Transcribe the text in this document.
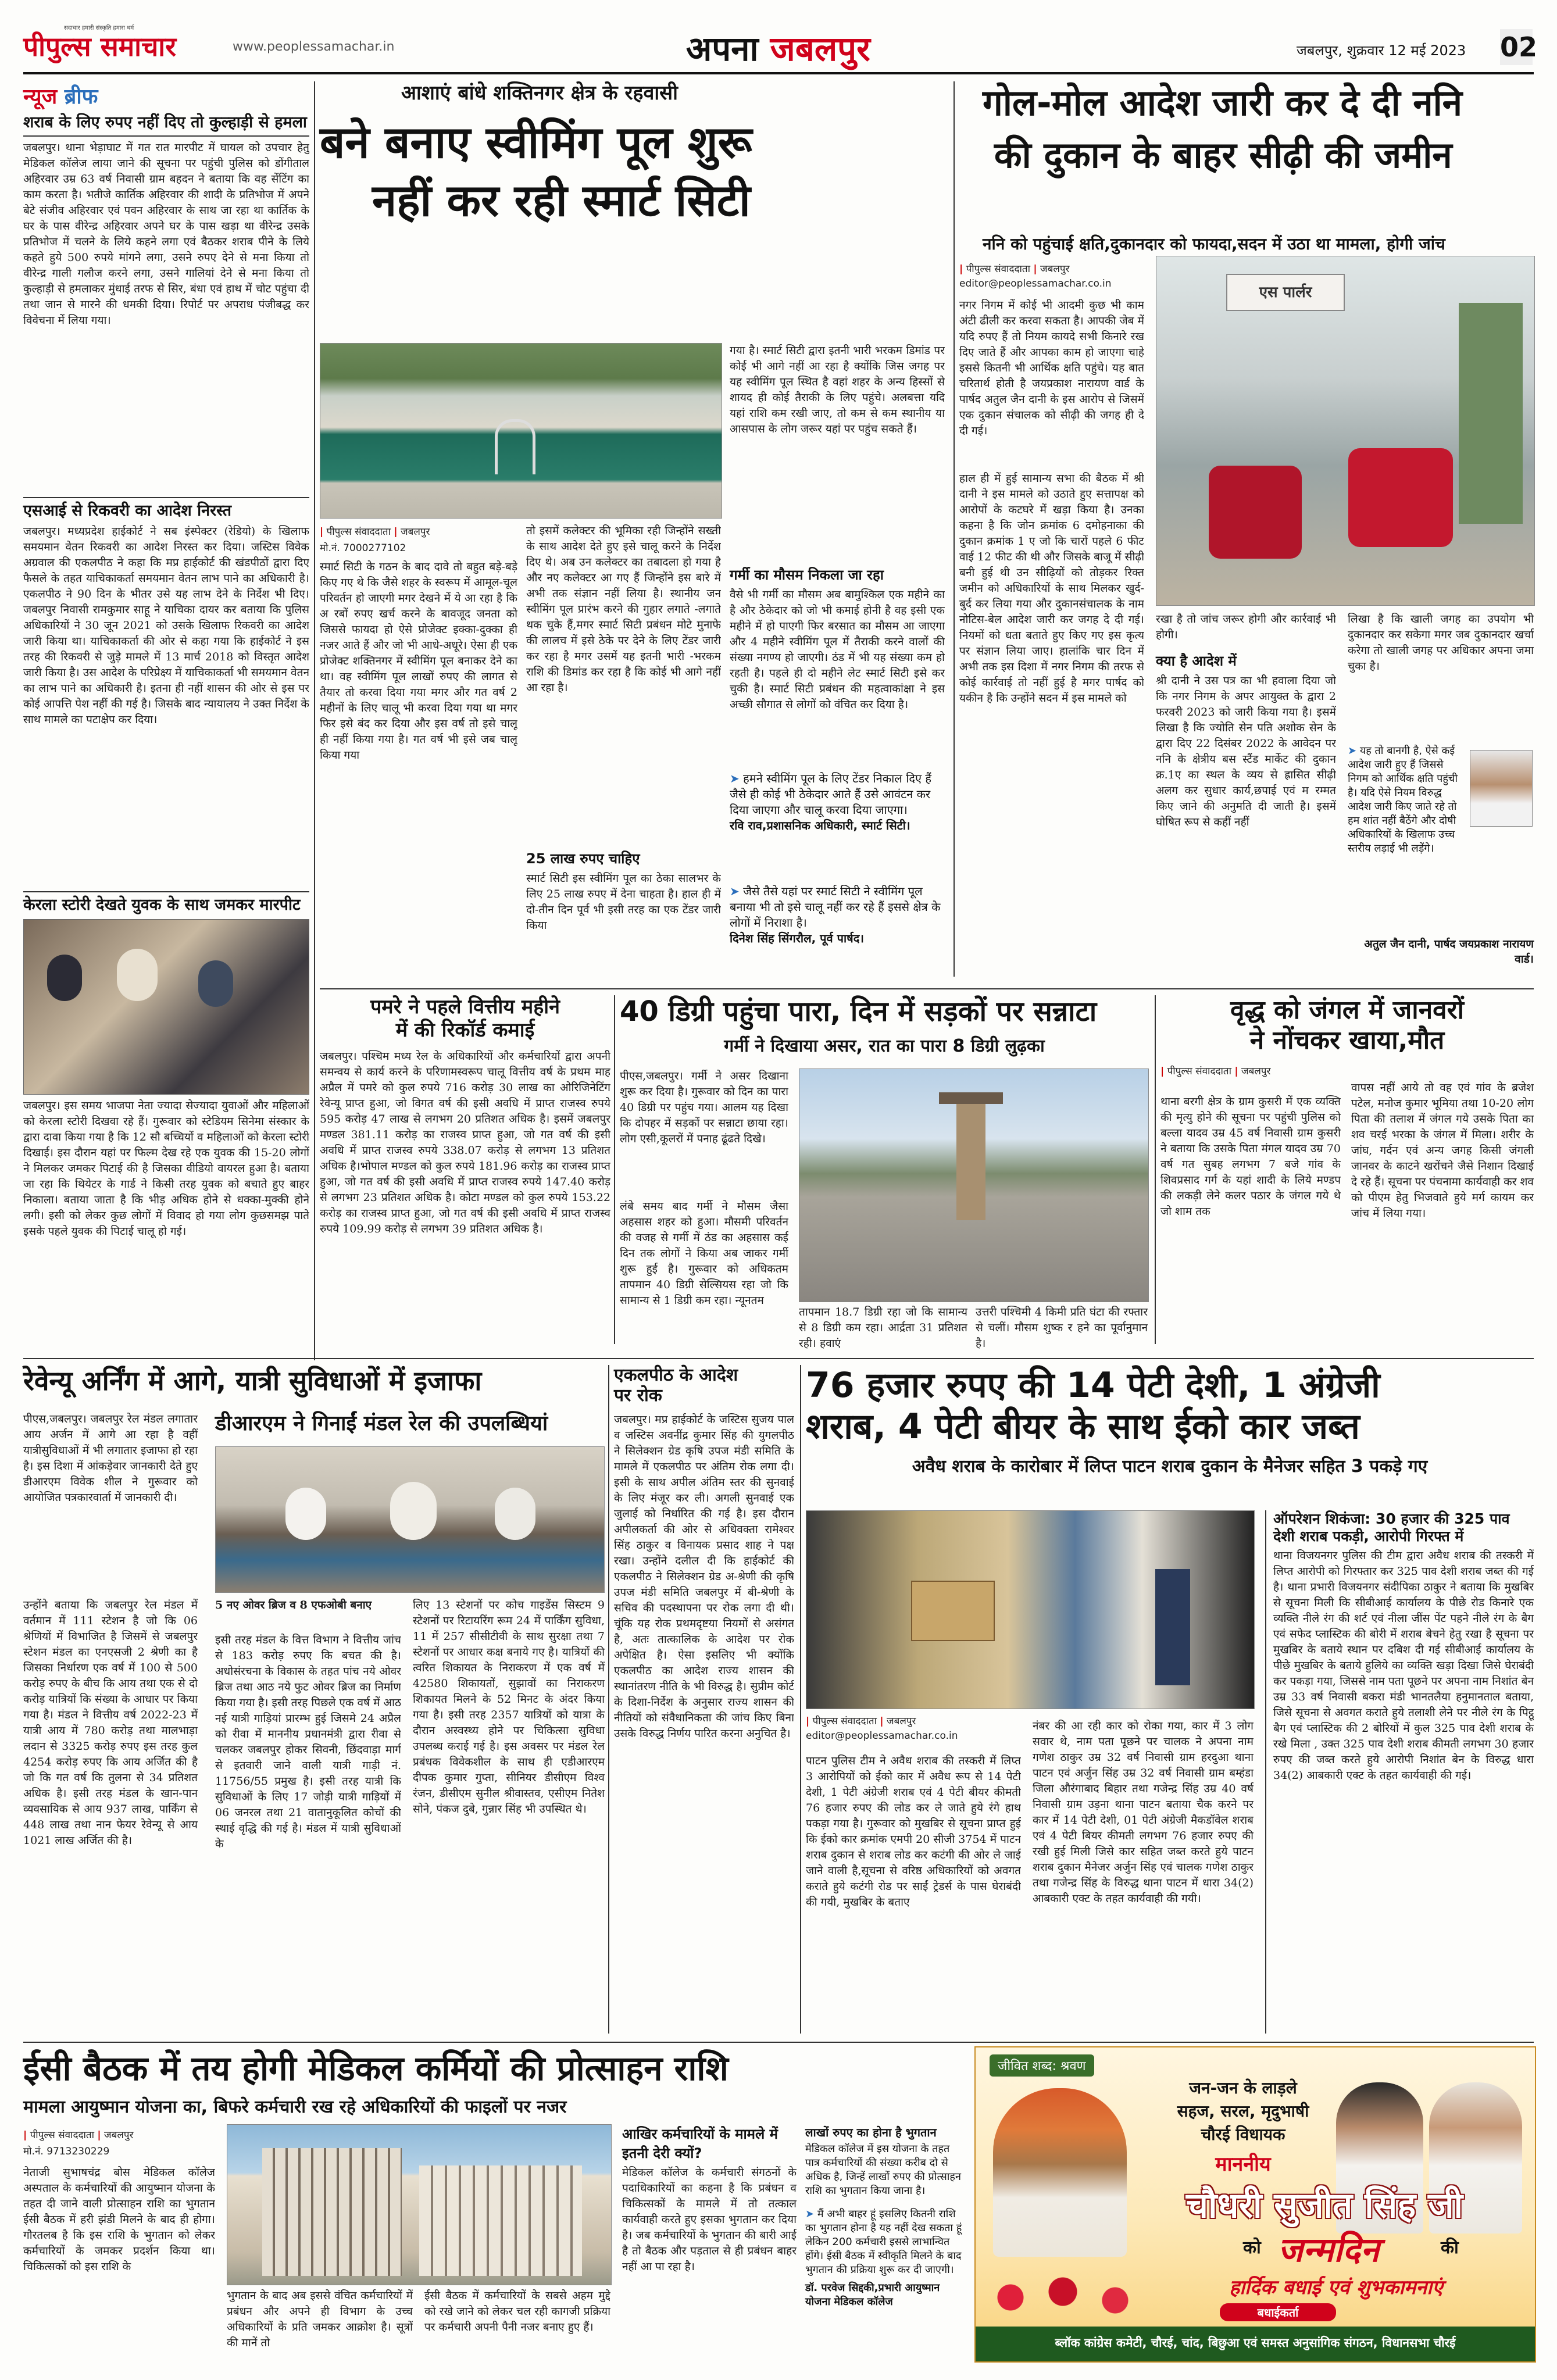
पीपुल्स समाचार
सदाचार हमारी संस्कृति हमारा धर्म
www.peoplessamachar.in	अपना जबलपुर	जबलपुर, शुक्रवार 12 मई 2023 02
न्यूज ब्रीफ
शराब के लिए रुपए नहीं दिए तो कुल्हाड़ी से हमला
जबलपुर। थाना भेड़ाघाट में गत रात मारपीट में घायल को उपचार हेतु मेडिकल कॉलेज लाया जाने की सूचना पर पहुंची पुलिस को डोंगीताल अहिरवार उम्र 63 वर्ष निवासी ग्राम बहदन ने बताया कि वह सेंटिंग का काम करता है। भतीजे कार्तिक अहिरवार की शादी के प्रतिभोज में अपने बेटे संजीव अहिरवार एवं पवन अहिरवार के साथ जा रहा था कार्तिक के घर के पास वीरेन्द्र अहिरवार अपने घर के पास खड़ा था वीरेन्द्र उसके प्रतिभोज में चलने के लिये कहने लगा एवं बैठकर शराब पीने के लिये कहते हुये 500 रुपये मांगने लगा, उसने रुपए देने से मना किया तो वीरेन्द्र गाली गलौज करने लगा, उसने गालियां देने से मना किया तो कुल्हाड़ी से हमलाकर मुंधाई तरफ से सिर, बंधा एवं हाथ में चोट पहुंचा दी तथा जान से मारने की धमकी दिया। रिपोर्ट पर अपराध पंजीबद्ध कर विवेचना में लिया गया।
एसआई से रिकवरी का आदेश निरस्त
जबलपुर। मध्यप्रदेश हाईकोर्ट ने सब इंस्पेक्टर (रेडियो) के खिलाफ समयमान वेतन रिकवरी का आदेश निरस्त कर दिया। जस्टिस विवेक अग्रवाल की एकलपीठ ने कहा कि मप्र हाईकोर्ट की खंडपीठों द्वारा दिए फैसले के तहत याचिकाकर्ता समयमान वेतन लाभ पाने का अधिकारी है। एकलपीठ ने 90 दिन के भीतर उसे यह लाभ देने के निर्देश भी दिए। जबलपुर निवासी रामकुमार साहू ने याचिका दायर कर बताया कि पुलिस अधिकारियों ने 30 जून 2021 को उसके खिलाफ रिकवरी का आदेश जारी किया था। याचिकाकर्ता की ओर से कहा गया कि हाईकोर्ट ने इस तरह की रिकवरी से जुड़े मामले में 13 मार्च 2018 को विस्तृत आदेश जारी किया है। उस आदेश के परिप्रेक्ष्य में याचिकाकर्ता भी समयमान वेतन का लाभ पाने का अधिकारी है। इतना ही नहीं शासन की ओर से इस पर कोई आपत्ति पेश नहीं की गई है। जिसके बाद न्यायालय ने उक्त निर्देश के साथ मामले का पटाक्षेप कर दिया।
केरला स्टोरी देखते युवक के साथ जमकर मारपीट
जबलपुर। इस समय भाजपा नेता ज्यादा सेज्यादा युवाओं और महिलाओं को केरला स्टोरी दिखवा रहे हैं। गुरूवार को स्टेडियम सिनेमा संस्कार के द्वारा दावा किया गया है कि 12 सौ बच्चियों व महिलाओं को केरला स्टोरी दिखाई। इस दौरान यहां पर फिल्म देख रहे एक युवक की 15-20 लोगों ने मिलकर जमकर पिटाई की है जिसका वीडियो वायरल हुआ है। बताया जा रहा कि थियेटर के गार्ड ने किसी तरह युवक को बचाते हुए बाहर निकाला। बताया जाता है कि भीड़ अधिक होने से धक्का-मुक्की होने लगी। इसी को लेकर कुछ लोगों में विवाद हो गया लोग कुछसमझ पाते इसके पहले युवक की पिटाई चालू हो गई।
आशाएं बांधे शक्तिनगर क्षेत्र के रहवासी
बने बनाए स्वीमिंग पूल शुरू
नहीं कर रही स्मार्ट सिटी
| पीपुल्स संवाददाता | जबलपुर
मो.नं. 7000277102
स्मार्ट सिटी के गठन के बाद दावे तो बहुत बड़े-बड़े किए गए थे कि जैसे शहर के स्वरूप में आमूल-चूल परिवर्तन हो जाएगी मगर देखने में ये आ रहा है कि अ रबों रुपए खर्च करने के बावजूद जनता को जिससे फायदा हो ऐसे प्रोजेक्ट इक्का-दुक्का ही नजर आते हैं और जो भी आधे-अधूरे। ऐसा ही एक प्रोजेक्ट शक्तिनगर में स्वीमिंग पूल बनाकर देने का था। वह स्वीमिंग पूल लाखों रुपए की लागत से तैयार तो करवा दिया गया मगर और गत वर्ष 2 महीनों के लिए चालू भी करवा दिया गया था मगर फिर इसे बंद कर दिया और इस वर्ष तो इसे चालू ही नहीं किया गया है। गत वर्ष भी इसे जब चालू किया गया
तो इसमें कलेक्टर की भूमिका रही जिन्होंने सख्ती के साथ आदेश देते हुए इसे चालू करने के निर्देश दिए थे। अब उन कलेक्टर का तबादला हो गया है और नए कलेक्टर आ गए हैं जिन्होंने इस बारे में अभी तक संज्ञान नहीं लिया है। स्थानीय जन स्वीमिंग पूल प्रारंभ करने की गुहार लगाते -लगाते थक चुके हैं,मगर स्मार्ट सिटी प्रबंधन मोटे मुनाफे की लालच में इसे ठेके पर देने के लिए टेंडर जारी कर रहा है मगर उसमें यह इतनी भारी -भरकम राशि की डिमांड कर रहा है कि कोई भी आगे नहीं आ रहा है।
25 लाख रुपए चाहिए
स्मार्ट सिटी इस स्वीमिंग पूल का ठेका सालभर के लिए 25 लाख रुपए में देना चाहता है। हाल ही में दो-तीन दिन पूर्व भी इसी तरह का एक टेंडर जारी किया
गया है। स्मार्ट सिटी द्वारा इतनी भारी भरकम डिमांड पर कोई भी आगे नहीं आ रहा है क्योंकि जिस जगह पर यह स्वीमिंग पूल स्थित है वहां शहर के अन्य हिस्सों से शायद ही कोई तैराकी के लिए पहुंचे। अलबत्ता यदि यहां राशि कम रखी जाए, तो कम से कम स्थानीय या आसपास के लोग जरूर यहां पर पहुंच सकते हैं।
गर्मी का मौसम निकला जा रहा
वैसे भी गर्मी का मौसम अब बामुश्किल एक महीने का है और ठेकेदार को जो भी कमाई होनी है वह इसी एक महीने में हो पाएगी फिर बरसात का मौसम आ जाएगा और 4 महीने स्वीमिंग पूल में तैराकी करने वालों की संख्या नगण्य हो जाएगी। ठंड में भी यह संख्या कम हो रहती है। पहले ही दो महीने लेट स्मार्ट सिटी इसे कर चुकी है। स्मार्ट सिटी प्रबंधन की महत्वाकांक्षा ने इस अच्छी सौगात से लोगों को वंचित कर दिया है।
➤ हमने स्वीमिंग पूल के लिए टेंडर निकाल दिए हैं जैसे ही कोई भी ठेकेदार आते हैं उसे आवंटन कर दिया जाएगा और चालू करवा दिया जाएगा।
रवि राव,प्रशासनिक अधिकारी, स्मार्ट सिटी।
➤ जैसे तैसे यहां पर स्मार्ट सिटी ने स्वीमिंग पूल बनाया भी तो इसे चालू नहीं कर रहे हैं इससे क्षेत्र के लोगों में निराशा है।
दिनेश सिंह सिंगरौल, पूर्व पार्षद।
गोल-मोल आदेश जारी कर दे दी ननि
की दुकान के बाहर सीढ़ी की जमीन
ननि को पहुंचाई क्षति,दुकानदार को फायदा,सदन में उठा था मामला, होगी जांच
| पीपुल्स संवाददाता | जबलपुर
editor@peoplessamachar.co.in
नगर निगम में कोई भी आदमी कुछ भी काम अंटी ढीली कर करवा सकता है। आपकी जेब में यदि रुपए हैं तो नियम कायदे सभी किनारे रख दिए जाते हैं और आपका काम हो जाएगा चाहे इससे कितनी भी आर्थिक क्षति पहुंचे। यह बात चरितार्थ होती है जयप्रकाश नारायण वार्ड के पार्षद अतुल जैन दानी के इस आरोप से जिसमें एक दुकान संचालक को सीढ़ी की जगह ही दे दी गई।
हाल ही में हुई सामान्य सभा की बैठक में श्री दानी ने इस मामले को उठाते हुए सत्तापक्ष को आरोपों के कटघरे में खड़ा किया है। उनका कहना है कि जोन क्रमांक 6 दमोहनाका की दुकान क्रमांक 1 ए जो कि चारों पहले 6 फीट वाई 12 फीट की थी और जिसके बाजू में सीढ़ी बनी हुई थी उन सीढ़ियों को तोड़कर रिक्त जमीन को अधिकारियों के साथ मिलकर खुर्द-बुर्द कर लिया गया और दुकानसंचालक के नाम नोटिस-बेल आदेश जारी कर जगह दे दी गई। नियमों को धता बताते हुए किए गए इस कृत्य पर संज्ञान लिया जाए। हालांकि चार दिन में अभी तक इस दिशा में नगर निगम की तरफ से कोई कार्रवाई तो नहीं हुई है मगर पार्षद को यकीन है कि उन्होंने सदन में इस मामले को
एस पार्लर
रखा है तो जांच जरूर होगी और कार्रवाई भी होगी।
क्या है आदेश में
श्री दानी ने उस पत्र का भी हवाला दिया जो कि नगर निगम के अपर आयुक्त के द्वारा 2 फरवरी 2023 को जारी किया गया है। इसमें लिखा है कि ज्योति सेन पति अशोक सेन के द्वारा दिए 22 दिसंबर 2022 के आवेदन पर ननि के क्षेत्रीय बस स्टैंड मार्केट की दुकान क्र.1ए का स्थल के व्यय से ह्रासित सीढ़ी अलग कर सुधार कार्य,छपाई एवं म रम्मत किए जाने की अनुमति दी जाती है। इसमें घोषित रूप से कहीं नहीं
लिखा है कि खाली जगह का उपयोग भी दुकानदार कर सकेगा मगर जब दुकानदार खर्चा करेगा तो खाली जगह पर अधिकार अपना जमा चुका है।
➤ यह तो बानगी है, ऐसे कई आदेश जारी हुए हैं जिससे निगम को आर्थिक क्षति पहुंची है। यदि ऐसे नियम विरुद्ध आदेश जारी किए जाते रहे तो हम शांत नहीं बैठेंगे और दोषी अधिकारियों के खिलाफ उच्च स्तरीय लड़ाई भी लड़ेंगे।
अतुल जैन दानी, पार्षद जयप्रकाश नारायण वार्ड।
पमरे ने पहले वित्तीय महीने
में की रिकॉर्ड कमाई
जबलपुर। पश्चिम मध्य रेल के अधिकारियों और कर्मचारियों द्वारा अपनी समन्वय से कार्य करने के परिणामस्वरूप चालू वित्तीय वर्ष के प्रथम माह अप्रैल में पमरे को कुल रुपये 716 करोड़ 30 लाख का ओरिजिनेटिंग रेवेन्यू प्राप्त हुआ, जो विगत वर्ष की इसी अवधि में प्राप्त राजस्व रुपये 595 करोड़ 47 लाख से लगभग 20 प्रतिशत अधिक है। इसमें जबलपुर मण्डल 381.11 करोड़ का राजस्व प्राप्त हुआ, जो गत वर्ष की इसी अवधि में प्राप्त राजस्व रुपये 338.07 करोड़ से लगभग 13 प्रतिशत अधिक है।भोपाल मण्डल को कुल रुपये 181.96 करोड़ का राजस्व प्राप्त हुआ, जो गत वर्ष की इसी अवधि में प्राप्त राजस्व रुपये 147.40 करोड़ से लगभग 23 प्रतिशत अधिक है। कोटा मण्डल को कुल रुपये 153.22 करोड़ का राजस्व प्राप्त हुआ, जो गत वर्ष की इसी अवधि में प्राप्त राजस्व रुपये 109.99 करोड़ से लगभग 39 प्रतिशत अधिक है।
40 डिग्री पहुंचा पारा, दिन में सड़कों पर सन्नाटा
गर्मी ने दिखाया असर, रात का पारा 8 डिग्री लुढ़का
पीएस,जबलपुर। गर्मी ने असर दिखाना शुरू कर दिया है। गुरूवार को दिन का पारा 40 डिग्री पर पहुंच गया। आलम यह दिखा कि दोपहर में सड़कों पर सन्नाटा छाया रहा। लोग एसी,कूलरों में पनाह ढूंढते दिखे।
लंबे समय बाद गर्मी ने मौसम जैसा अहसास शहर को हुआ। मौसमी परिवर्तन की वजह से गर्मी में ठंड का अहसास कई दिन तक लोगों ने किया अब जाकर गर्मी शुरू हुई है। गुरूवार को अधिकतम तापमान 40 डिग्री सेल्सियस रहा जो कि सामान्य से 1 डिग्री कम रहा। न्यूनतम
तापमान 18.7 डिग्री रहा जो कि सामान्य से 8 डिग्री कम रहा। आर्द्रता 31 प्रतिशत रही। हवाएं
उत्तरी पश्चिमी 4 किमी प्रति घंटा की रफ्तार से चलीं। मौसम शुष्क र हने का पूर्वानुमान है।
वृद्ध को जंगल में जानवरों
ने नोंचकर खाया,मौत
| पीपुल्स संवाददाता | जबलपुर
थाना बरगी क्षेत्र के ग्राम कुसरी में एक व्यक्ति की मृत्यु होने की सूचना पर पहुंची पुलिस को बल्ला यादव उम्र 45 वर्ष निवासी ग्राम कुसरी ने बताया कि उसके पिता मंगल यादव उम्र 70 वर्ष गत सुबह लगभग 7 बजे गांव के शिवप्रसाद गर्ग के यहां शादी के लिये मण्डप की लकड़ी लेने कलर पठार के जंगल गये थे जो शाम तक
वापस नहीं आये तो वह एवं गांव के ब्रजेश पटेल, मनोज कुमार भूमिया तथा 10-20 लोग पिता की तलाश में जंगल गये उसके पिता का शव चरई भरका के जंगल में मिला। शरीर के जांघ, गर्दन एवं अन्य जगह किसी जंगली जानवर के काटने खरोंचने जैसे निशान दिखाई दे रहे हैं। सूचना पर पंचनामा कार्यवाही कर शव को पीएम हेतु भिजवाते हुये मर्ग कायम कर जांच में लिया गया।
रेवेन्यू अर्निंग में आगे, यात्री सुविधाओं में इजाफा
पीएस,जबलपुर। जबलपुर रेल मंडल लगातार आय अर्जन में आगे आ रहा है वहीं यात्रीसुविधाओं में भी लगातार इजाफा हो रहा है। इस दिशा में आंकड़ेवार जानकारी देते हुए डीआरएम विवेक शील ने गुरूवार को आयोजित पत्रकारवार्ता में जानकारी दी।
डीआरएम ने गिनाईं मंडल रेल की उपलब्धियां
उन्होंने बताया कि जबलपुर रेल मंडल में वर्तमान में 111 स्टेशन है जो कि 06 श्रेणियों में विभाजित है जिसमें से जबलपुर स्टेशन मंडल का एनएसजी 2 श्रेणी का है जिसका निर्धारण एक वर्ष में 100 से 500 करोड़ रुपए के बीच कि आय तथा एक से दो करोड़ यात्रियों कि संख्या के आधार पर किया गया है। मंडल ने वित्तीय वर्ष 2022-23 में यात्री आय में 780 करोड़ तथा मालभाड़ा लदान से 3325 करोड़ रुपए इस तरह कुल 4254 करोड़ रुपए कि आय अर्जित की है जो कि गत वर्ष कि तुलना से 34 प्रतिशत अधिक है। इसी तरह मंडल के खान-पान व्यवसायिक से आय 937 लाख, पार्किंग से 448 लाख तथा नान फेयर रेवेन्यू से आय 1021 लाख अर्जित की है।
5 नए ओवर ब्रिज व 8 एफओबी बनाए
इसी तरह मंडल के वित्त विभाग ने वित्तीय जांच से 183 करोड़ रुपए कि बचत की है। अधोसंरचना के विकास के तहत पांच नये ओवर ब्रिज तथा आठ नये फुट ओवर ब्रिज का निर्माण किया गया है। इसी तरह पिछले एक वर्ष में आठ नई यात्री गाड़ियां प्रारम्भ हुई जिसमे 24 अप्रैल को रीवा में माननीय प्रधानमंत्री द्वारा रीवा से चलकर जबलपुर होकर सिवनी, छिंदवाड़ा मार्ग से इतवारी जाने वाली यात्री गाड़ी नं. 11756/55 प्रमुख है। इसी तरह यात्री कि सुविधाओं के लिए 17 जोड़ी यात्री गाड़ियों में 06 जनरल तथा 21 वातानुकूलित कोचों की स्थाई वृद्धि की गई है। मंडल में यात्री सुविधाओं के
लिए 13 स्टेशनों पर कोच गाइडेंस सिस्टम 9 स्टेशनों पर रिटायरिंग रूम 24 में पार्किंग सुविधा, 11 में 257 सीसीटीवी के साथ सुरक्षा तथा 7 स्टेशनों पर आधार कक्ष बनाये गए है। यात्रियों की त्वरित शिकायत के निराकरण में एक वर्ष में 42580 शिकायतों, सुझावों का निराकरण शिकायत मिलने के 52 मिनट के अंदर किया गया है। इसी तरह 2357 यात्रियों को यात्रा के दौरान अस्वस्थ्य होने पर चिकित्सा सुविधा उपलब्ध कराई गई है। इस अवसर पर मंडल रेल प्रबंधक विवेकशील के साथ ही एडीआरएम दीपक कुमार गुप्ता, सीनियर डीसीएम विश्व रंजन, डीसीएम सुनील श्रीवास्तव, एसीएम नितेश सोने, पंकज दुबे, गुन्नार सिंह भी उपस्थित थे।
एकलपीठ के आदेश
पर रोक
जबलपुर। मप्र हाईकोर्ट के जस्टिस सुजय पाल व जस्टिस अवनींद्र कुमार सिंह की युगलपीठ ने सिलेक्शन ग्रेड कृषि उपज मंडी समिति के मामले में एकलपीठ पर अंतिम रोक लगा दी। इसी के साथ अपील अंतिम स्तर की सुनवाई के लिए मंजूर कर ली। अगली सुनवाई एक जुलाई को निर्धारित की गई है। इस दौरान अपीलकर्ता की ओर से अधिवक्ता रामेश्वर सिंह ठाकुर व विनायक प्रसाद शाह ने पक्ष रखा। उन्होंने दलील दी कि हाईकोर्ट की एकलपीठ ने सिलेक्शन ग्रेड अ-श्रेणी की कृषि उपज मंडी समिति जबलपुर में बी-श्रेणी के सचिव की पदस्थापना पर रोक लगा दी थी। चूंकि यह रोक प्रथमदृष्टया नियमों से असंगत है, अतः तात्कालिक के आदेश पर रोक अपेक्षित है। ऐसा इसलिए भी क्योंकि एकलपीठ का आदेश राज्य शासन की स्थानांतरण नीति के भी विरुद्ध है। सुप्रीम कोर्ट के दिशा-निर्देश के अनुसार राज्य शासन की नीतियों को संवैधानिकता की जांच किए बिना उसके विरुद्ध निर्णय पारित करना अनुचित है।
76 हजार रुपए की 14 पेटी देशी, 1 अंग्रेजी
शराब, 4 पेटी बीयर के साथ ईको कार जब्त
अवैध शराब के कारोबार में लिप्त पाटन शराब दुकान के मैनेजर सहित 3 पकड़े गए
| पीपुल्स संवाददाता | जबलपुर
editor@peoplessamachar.co.in
पाटन पुलिस टीम ने अवैध शराब की तस्करी में लिप्त 3 आरोपियों को ईको कार में अवैध रूप से 14 पेटी देशी, 1 पेटी अंग्रेजी शराब एवं 4 पेटी बीयर कीमती 76 हजार रुपए की लोड कर ले जाते हुये रंगे हाथ पकड़ा गया है। गुरूवार को मुखबिर से सूचना प्राप्त हुई कि ईको कार क्रमांक एमपी 20 सीजी 3754 में पाटन शराब दुकान से शराब लोड कर कटंगी की ओर ले जाई जाने वाली है,सूचना से वरिष्ठ अधिकारियों को अवगत कराते हुये कटंगी रोड पर साईं ट्रेडर्स के पास घेराबंदी की गयी, मुखबिर के बताए
नंबर की आ रही कार को रोका गया, कार में 3 लोग सवार थे, नाम पता पूछने पर चालक ने अपना नाम गणेश ठाकुर उम्र 32 वर्ष निवासी ग्राम हरदुआ थाना पाटन एवं अर्जुन सिंह उम्र 32 वर्ष निवासी ग्राम बम्हंडा जिला औरंगाबाद बिहार तथा गजेन्द्र सिंह उम्र 40 वर्ष निवासी ग्राम उड़ना थाना पाटन बताया चैक करने पर कार में 14 पेटी देशी, 01 पेटी अंग्रेजी मैकडॉवेल शराब एवं 4 पेटी बियर कीमती लगभग 76 हजार रुपए की रखी हुई मिली जिसे कार सहित जब्त करते हुये पाटन शराब दुकान मैनेजर अर्जुन सिंह एवं चालक गणेश ठाकुर तथा गजेन्द्र सिंह के विरुद्ध थाना पाटन में धारा 34(2) आबकारी एक्ट के तहत कार्यवाही की गयी।
ऑपरेशन शिकंजा: 30 हजार की 325 पाव देशी शराब पकड़ी, आरोपी गिरफ्त में
थाना विजयनगर पुलिस की टीम द्वारा अवैध शराब की तस्करी में लिप्त आरोपी को गिरफ्तार कर 325 पाव देशी शराब जब्त की गई है। थाना प्रभारी विजयनगर संदीपिका ठाकुर ने बताया कि मुखबिर से सूचना मिली कि सीबीआई कार्यालय के पीछे रोड किनारे एक व्यक्ति नीले रंग की शर्ट एवं नीला जींस पेंट पहने नीले रंग के बैग एवं सफेद प्लास्टिक की बोरी में शराब बेचने हेतु रखा है सूचना पर मुखबिर के बताये स्थान पर दबिश दी गई सीबीआई कार्यालय के पीछे मुखबिर के बताये हुलिये का व्यक्ति खड़ा दिखा जिसे घेराबंदी कर पकड़ा गया, जिससे नाम पता पूछने पर अपना नाम निशांत बेन उम्र 33 वर्ष निवासी बकरा मंडी भानतलैया हनुमानताल बताया, जिसे सूचना से अवगत कराते हुये तलाशी लेने पर नीले रंग के पिट्ठू बैग एवं प्लास्टिक की 2 बोरियों में कुल 325 पाव देशी शराब के रखे मिला , उक्त 325 पाव देशी शराब कीमती लगभग 30 हजार रुपए की जब्त करते हुये आरोपी निशांत बेन के विरुद्ध धारा 34(2) आबकारी एक्ट के तहत कार्यवाही की गई।
ईसी बैठक में तय होगी मेडिकल कर्मियों की प्रोत्साहन राशि
मामला आयुष्मान योजना का, बिफरे कर्मचारी रख रहे अधिकारियों की फाइलों पर नजर
| पीपुल्स संवाददाता | जबलपुर
मो.नं. 9713230229
नेताजी सुभाषचंद्र बोस मेडिकल कॉलेज अस्पताल के कर्मचारियों की आयुष्मान योजना के तहत दी जाने वाली प्रोत्साहन राशि का भुगतान ईसी बैठक में हरी झंडी मिलने के बाद ही होगा। गौरतलब है कि इस राशि के भुगतान को लेकर कर्मचारियों के जमकर प्रदर्शन किया था। चिकित्सकों को इस राशि के
भुगतान के बाद अब इससे वंचित कर्मचारियों में प्रबंधन और अपने ही विभाग के उच्च अधिकारियों के प्रति जमकर आक्रोश है। सूत्रों की मानें तो
ईसी बैठक में कर्मचारियों के सबसे अहम मुद्दे को रखे जाने को लेकर चल रही कागजी प्रक्रिया पर कर्मचारी अपनी पैनी नजर बनाए हुए हैं।
आखिर कर्मचारियों के मामले में इतनी देरी क्यों?
मेडिकल कॉलेज के कर्मचारी संगठनों के पदाधिकारियों का कहना है कि प्रबंधन व चिकित्सकों के मामले में तो तत्काल कार्यवाही करते हुए इसका भुगतान कर दिया है। जब कर्मचारियों के भुगतान की बारी आई है तो बैठक और पड़ताल से ही प्रबंधन बाहर नहीं आ पा रहा है।
लाखों रुपए का होना है भुगतान
मेडिकल कॉलेज में इस योजना के तहत पात्र कर्मचारियों की संख्या करीब दो से अधिक है, जिन्हें लाखों रुपए की प्रोत्साहन राशि का भुगतान किया जाना है।
➤ मैं अभी बाहर हूं इसलिए कितनी राशि का भुगतान होना है यह नहीं देख सकता हूं लेकिन 200 कर्मचारी इससे लाभान्वित होंगे। ईसी बैठक में स्वीकृति मिलने के बाद भुगतान की प्रक्रिया शुरू कर दी जाएगी।
डॉ. परवेज सिद्दकी,प्रभारी आयुष्मान योजना मेडिकल कॉलेज
जीवित शब्द: श्रवण
जन-जन के लाड़ले
सहज, सरल, मृदुभाषी
चौरई विधायक
माननीय
चौधरी सुजीत सिंह जी
को जन्मदिन	की
हार्दिक बधाई एवं शुभकामनाएं
बधाईकर्ता
ब्लॉक कांग्रेस कमेटी, चौरई, चांद, बिछुआ एवं समस्त अनुसांगिक संगठन, विधानसभा चौरई
